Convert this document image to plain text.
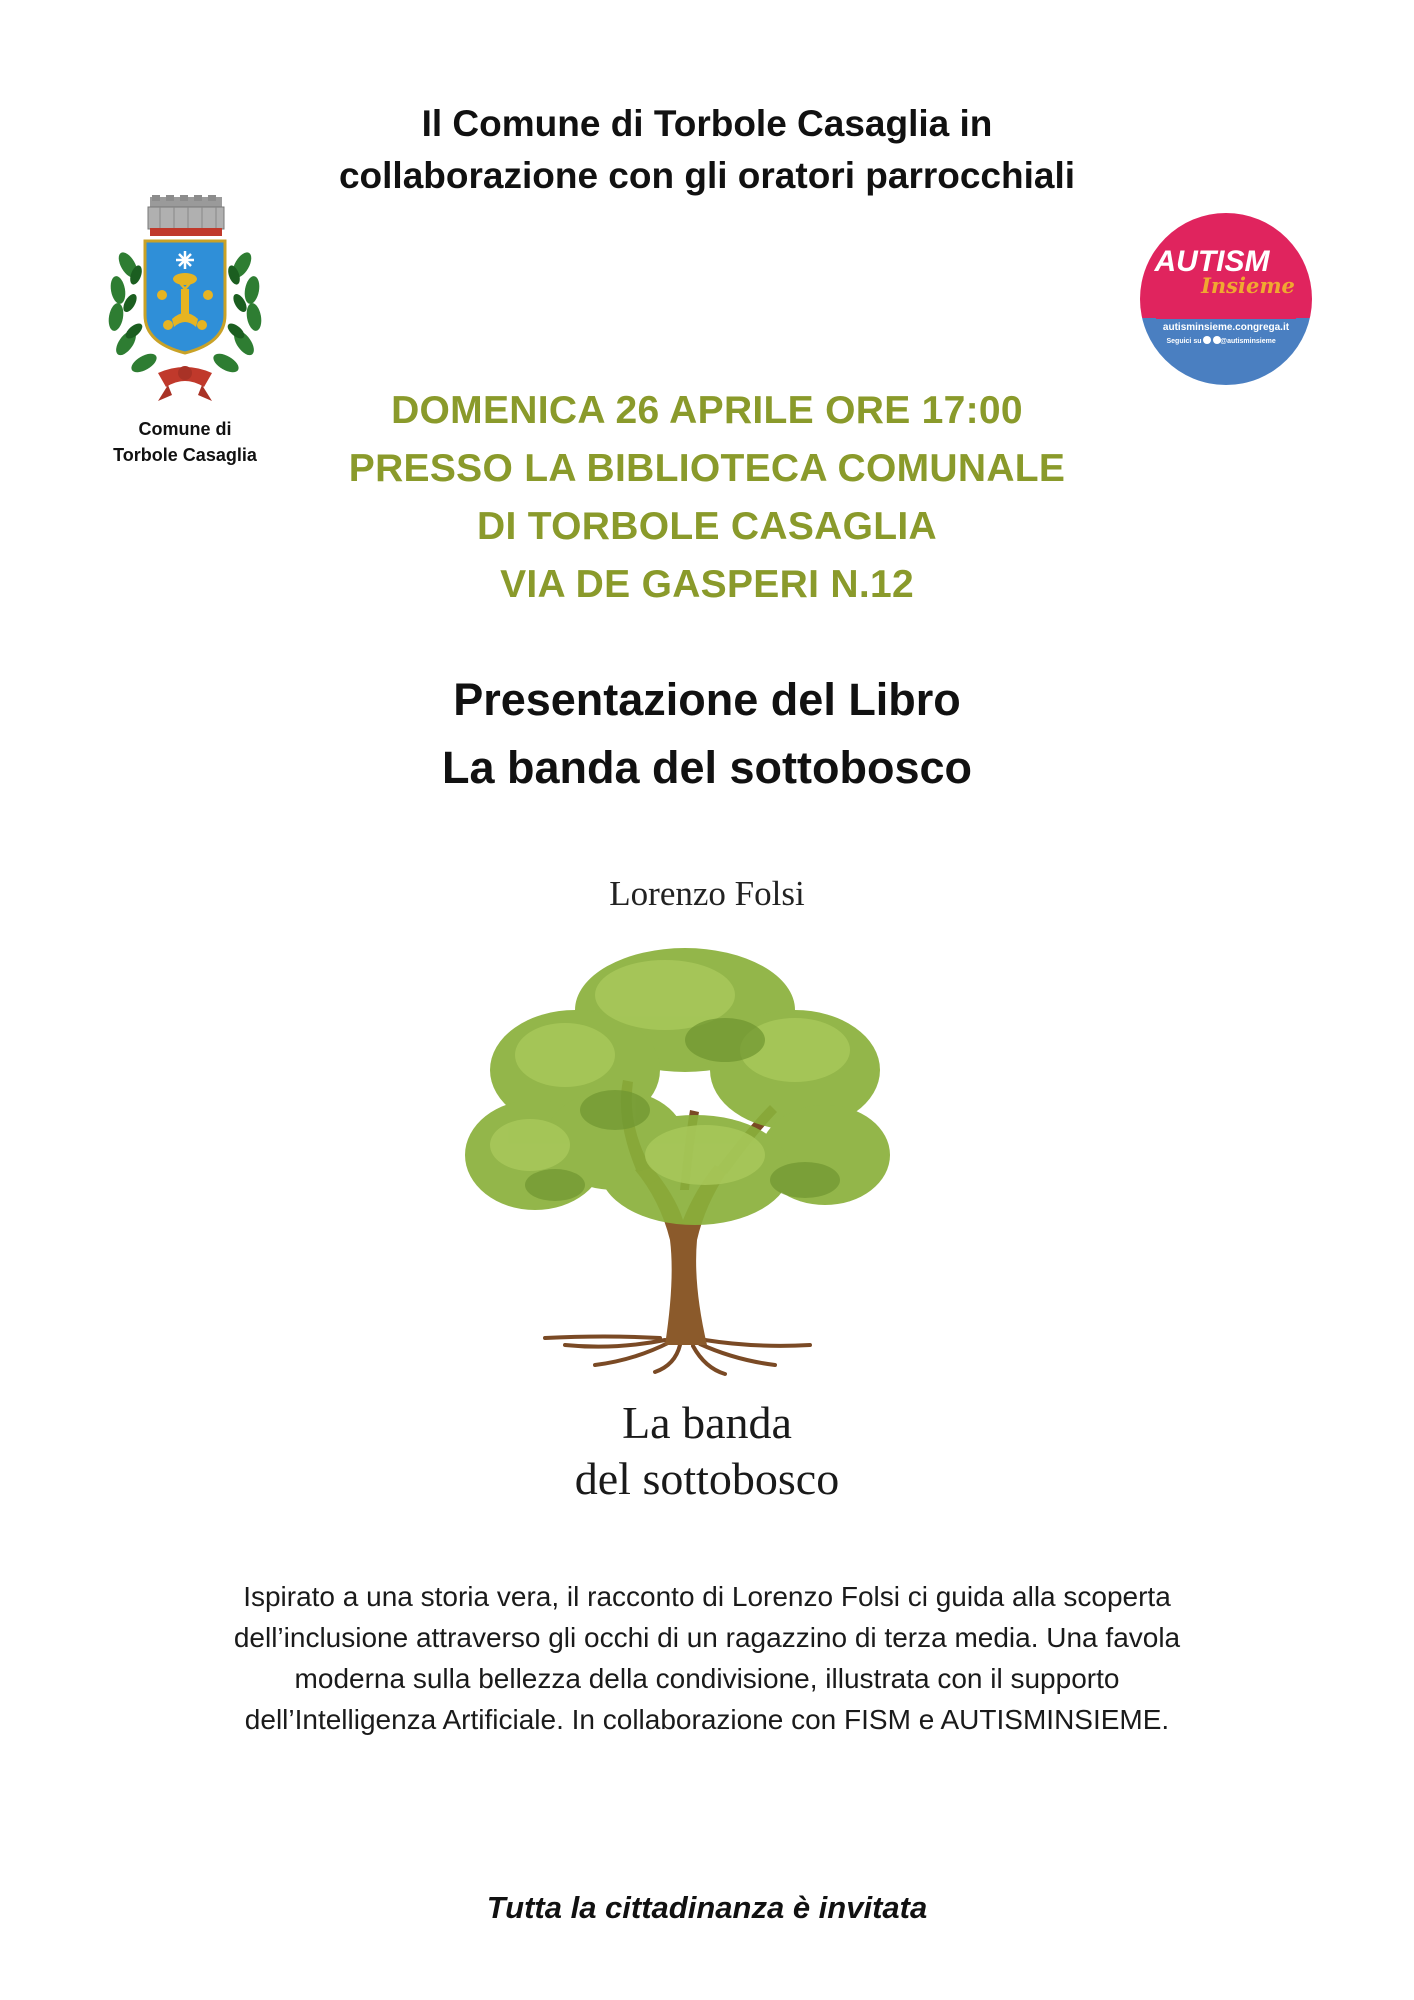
Il Comune di Torbole Casaglia in
collaborazione con gli oratori parrocchiali
Comune di
Torbole Casaglia
AUTISM
Insieme
autisminsieme.congrega.it
Seguici su	@autisminsieme
DOMENICA 26 APRILE ORE 17:00
PRESSO LA BIBLIOTECA COMUNALE
DI TORBOLE CASAGLIA
VIA DE GASPERI N.12
Presentazione del Libro
La banda del sottobosco
Lorenzo Folsi
La banda
del sottobosco
Ispirato a una storia vera, il racconto di Lorenzo Folsi ci guida alla scoperta
dell’inclusione attraverso gli occhi di un ragazzino di terza media. Una favola
moderna sulla bellezza della condivisione, illustrata con il supporto
dell’Intelligenza Artificiale. In collaborazione con FISM e AUTISMINSIEME.
Tutta la cittadinanza è invitata
